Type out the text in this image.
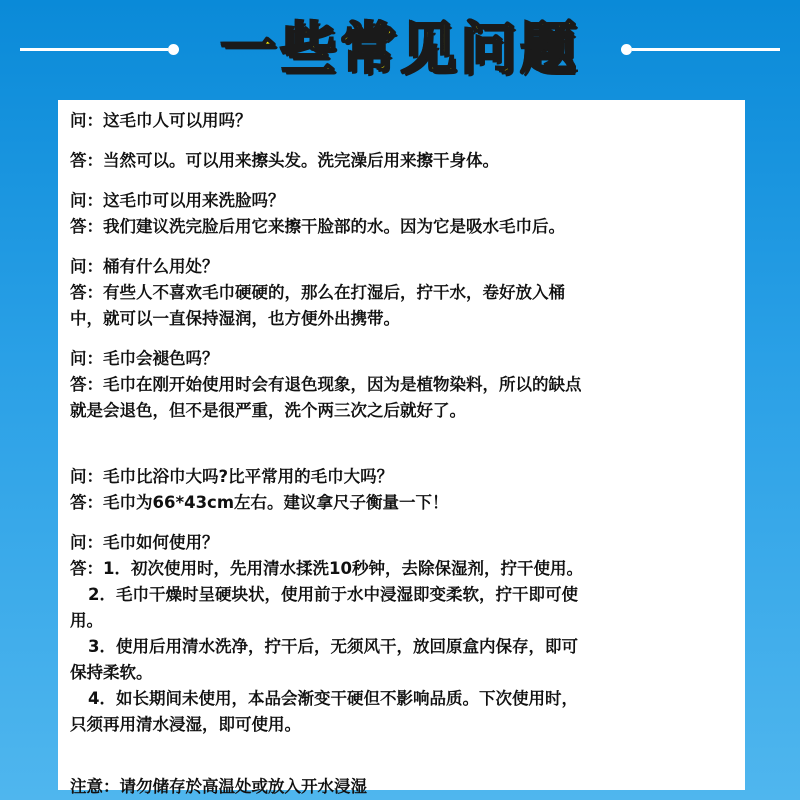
一些常见问题

问：这毛巾人可以用吗？

答：当然可以。可以用来擦头发。洗完澡后用来擦干身体。

问：这毛巾可以用来洗脸吗？

答：我们建议洗完脸后用它来擦干脸部的水。因为它是吸水毛巾后。

问：桶有什么用处？

答：有些人不喜欢毛巾硬硬的，那么在打湿后，拧干水，卷好放入桶

中，就可以一直保持湿润，也方便外出携带。

问：毛巾会褪色吗？

答：毛巾在刚开始使用时会有退色现象，因为是植物染料，所以的缺点

就是会退色，但不是很严重，洗个两三次之后就好了。

问：毛巾比浴巾大吗?比平常用的毛巾大吗？

答：毛巾为66*43cm左右。建议拿尺子衡量一下！

问：毛巾如何使用？

答：1．初次使用时，先用清水揉洗10秒钟，去除保湿剂，拧干使用。

2．毛巾干燥时呈硬块状，使用前于水中浸湿即变柔软，拧干即可使

用。

3．使用后用清水洗净，拧干后，无须风干，放回原盒内保存，即可

保持柔软。

4．如长期间未使用，本品会渐变干硬但不影响品质。下次使用时，

只须再用清水浸湿，即可使用。

注意：请勿储存於高温处或放入开水浸湿
